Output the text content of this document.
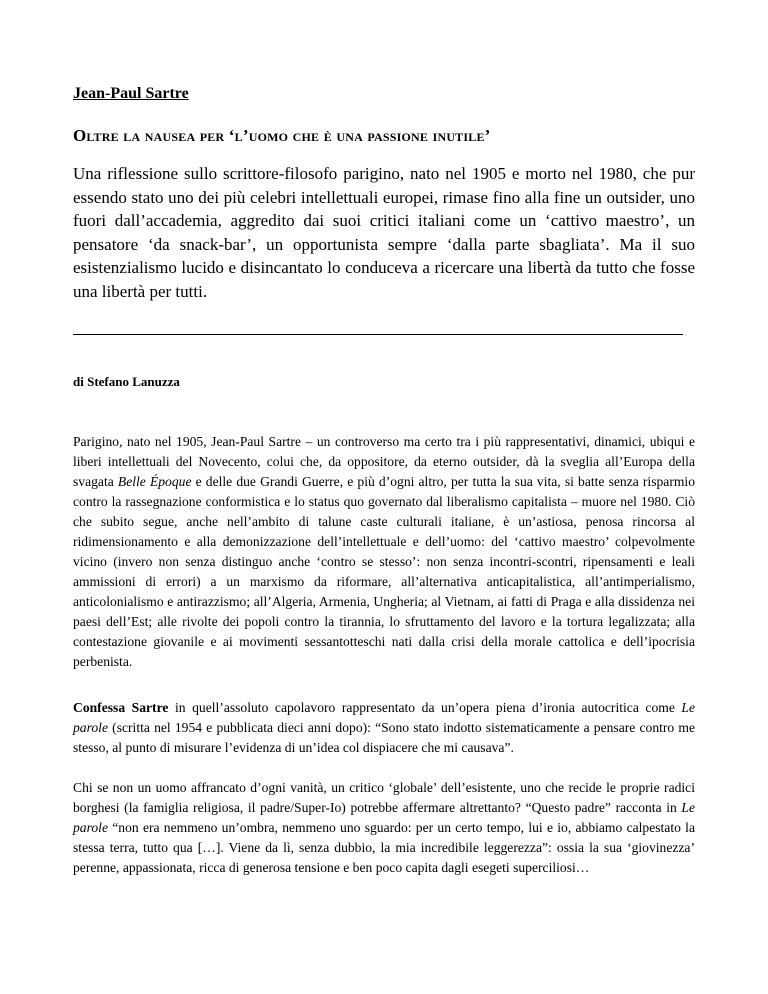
Jean-Paul Sartre
Oltre la nausea per ‘l’uomo che è una passione inutile’

Una riflessione sullo scrittore-filosofo parigino, nato nel 1905 e morto nel 1980, che pur essendo stato uno dei più celebri intellettuali europei, rimase fino alla fine un outsider, uno fuori dall’accademia, aggredito dai suoi critici italiani come un ‘cattivo maestro’, un pensatore ‘da snack-bar’, un opportunista sempre ‘dalla parte sbagliata’. Ma il suo esistenzialismo lucido e disincantato lo conduceva a ricercare una libertà da tutto che fosse una libertà per tutti.

di Stefano Lanuzza

Parigino, nato nel 1905, Jean-Paul Sartre – un controverso ma certo tra i più rappresentativi, dinamici, ubiqui e liberi intellettuali del Novecento, colui che, da oppositore, da eterno outsider, dà la sveglia all’Europa della svagata Belle Époque e delle due Grandi Guerre, e più d’ogni altro, per tutta la sua vita, si batte senza risparmio contro la rassegnazione conformistica e lo status quo governato dal liberalismo capitalista – muore nel 1980. Ciò che subito segue, anche nell’ambito di talune caste culturali italiane, è un’astiosa, penosa rincorsa al ridimensionamento e alla demonizzazione dell’intellettuale e dell’uomo: del ‘cattivo maestro’ colpevolmente vicino (invero non senza distinguo anche ‘contro se stesso’: non senza incontri-scontri, ripensamenti e leali ammissioni di errori) a un marxismo da riformare, all’alternativa anticapitalistica, all’antimperialismo, anticolonialismo e antirazzismo; all’Algeria, Armenia, Ungheria; al Vietnam, ai fatti di Praga e alla dissidenza nei paesi dell’Est; alle rivolte dei popoli contro la tirannia, lo sfruttamento del lavoro e la tortura legalizzata; alla contestazione giovanile e ai movimenti sessantotteschi nati dalla crisi della morale cattolica e dell’ipocrisia perbenista.

Confessa Sartre in quell’assoluto capolavoro rappresentato da un’opera piena d’ironia autocritica come Le parole (scritta nel 1954 e pubblicata dieci anni dopo): “Sono stato indotto sistematicamente a pensare contro me stesso, al punto di misurare l’evidenza di un’idea col dispiacere che mi causava”.

Chi se non un uomo affrancato d’ogni vanità, un critico ‘globale’ dell’esistente, uno che recide le proprie radici borghesi (la famiglia religiosa, il padre/Super-Io) potrebbe affermare altrettanto? “Questo padre” racconta in Le parole “non era nemmeno un’ombra, nemmeno uno sguardo: per un certo tempo, lui e io, abbiamo calpestato la stessa terra, tutto qua […]. Viene da lì, senza dubbio, la mia incredibile leggerezza”: ossia la sua ‘giovinezza’ perenne, appassionata, ricca di generosa tensione e ben poco capita dagli esegeti superciliosi…
